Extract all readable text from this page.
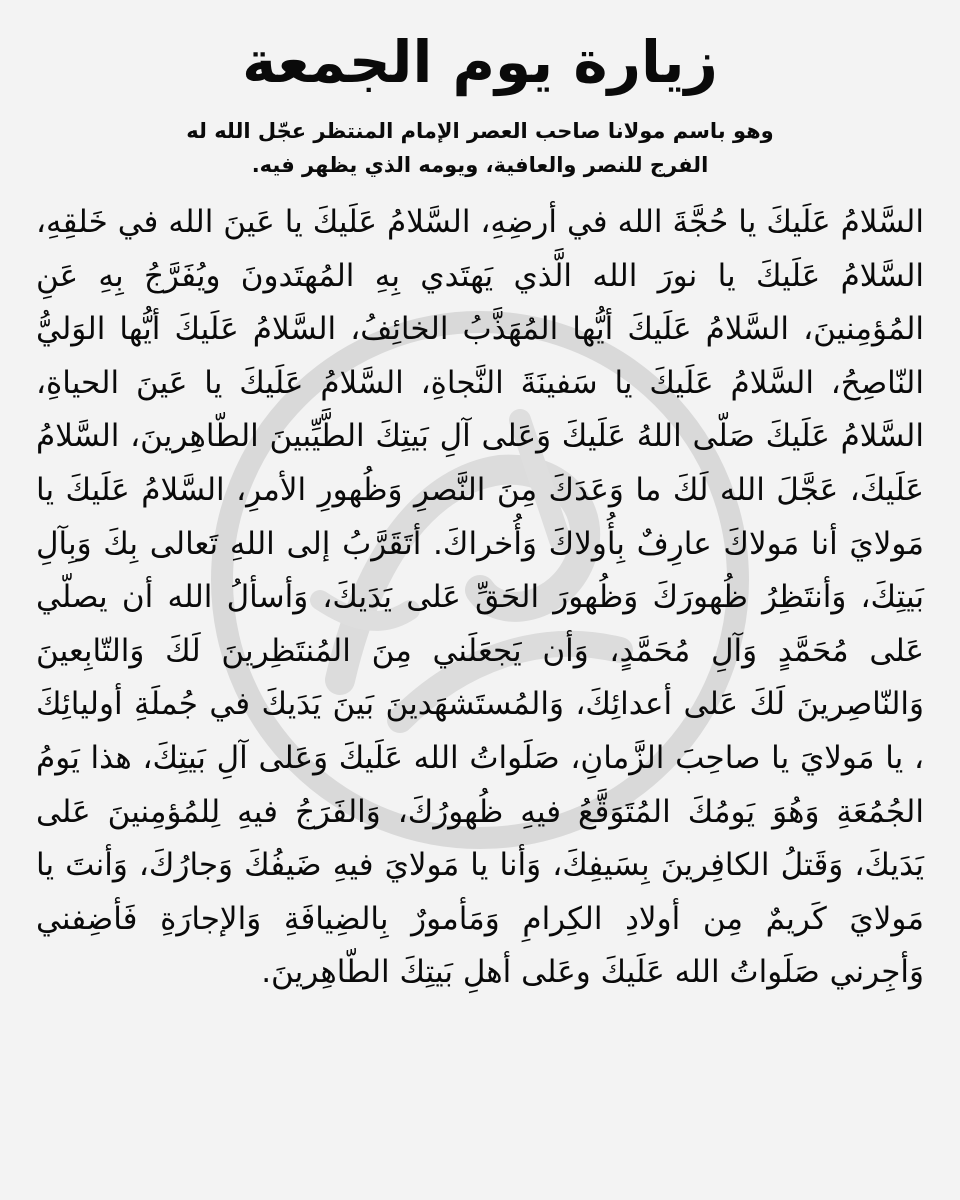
زيارة يوم الجمعة
وهو باسم مولانا صاحب العصر الإمام المنتظر عجّل الله له الفرج للنصر والعافية، ويومه الذي يظهر فيه.
السَّلامُ عَلَيكَ يا حُجَّةَ الله في أرضِهِ، السَّلامُ عَلَيكَ يا عَينَ الله في خَلقِهِ، السَّلامُ عَلَيكَ يا نورَ الله الَّذي يَهتَدي بِهِ المُهتَدونَ ويُفَرَّجُ بِهِ عَنِ المُؤمِنينَ، السَّلامُ عَلَيكَ أيُّها المُهَذَّبُ الخائِفُ، السَّلامُ عَلَيكَ أيُّها الوَليُّ النّاصِحُ، السَّلامُ عَلَيكَ يا سَفينَةَ النَّجاةِ، السَّلامُ عَلَيكَ يا عَينَ الحياةِ، السَّلامُ عَلَيكَ صَلّى اللهُ عَلَيكَ وَعَلى آلِ بَيتِكَ الطَّيِّبينَ الطّاهِرينَ، السَّلامُ عَلَيكَ، عَجَّلَ الله لَكَ ما وَعَدَكَ مِنَ النَّصرِ وَظُهورِ الأمرِ، السَّلامُ عَلَيكَ يا مَولايَ أنا مَولاكَ عارِفٌ بِأُولاكَ وَأُخراكَ. أتَقَرَّبُ إلى اللهِ تَعالى بِكَ وَبِآلِ بَيتِكَ، وَأنتَظِرُ ظُهورَكَ وَظُهورَ الحَقِّ عَلى يَدَيكَ، وَأسألُ الله أن يصلّي عَلى مُحَمَّدٍ وَآلِ مُحَمَّدٍ، وَأن يَجعَلَني مِنَ المُنتَظِرينَ لَكَ وَالتّابِعينَ وَالنّاصِرينَ لَكَ عَلى أعدائِكَ، وَالمُستَشهَدينَ بَينَ يَدَيكَ في جُملَةِ أوليائِكَ ، يا مَولايَ يا صاحِبَ الزَّمانِ، صَلَواتُ الله عَلَيكَ وَعَلى آلِ بَيتِكَ، هذا يَومُ الجُمُعَةِ وَهُوَ يَومُكَ المُتَوَقَّعُ فيهِ ظُهورُكَ، وَالفَرَجُ فيهِ لِلمُؤمِنينَ عَلى يَدَيكَ، وَقَتلُ الكافِرينَ بِسَيفِكَ، وَأنا يا مَولايَ فيهِ ضَيفُكَ وَجارُكَ، وَأنتَ يا مَولايَ كَريمٌ مِن أولادِ الكِرامِ وَمَأمورٌ بِالضِيافَةِ وَالإجارَةِ فَأضِفني وَأجِرني صَلَواتُ الله عَلَيكَ وعَلى أهلِ بَيتِكَ الطّاهِرينَ.
